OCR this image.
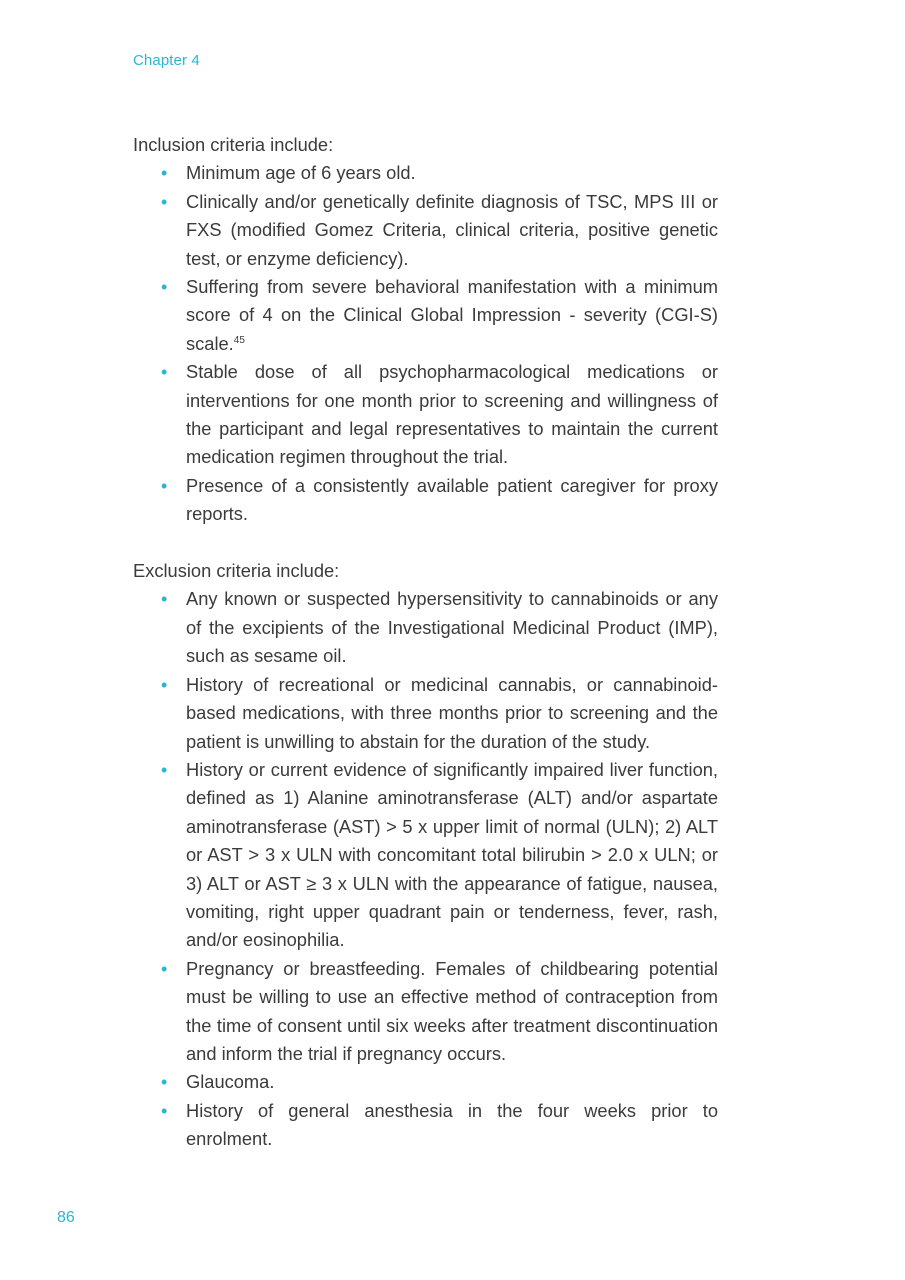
Chapter 4

Inclusion criteria include:

• Minimum age of 6 years old.
• Clinically and/or genetically definite diagnosis of TSC, MPS III or FXS (modified Gomez Criteria, clinical criteria, positive genetic test, or enzyme deficiency).
• Suffering from severe behavioral manifestation with a minimum score of 4 on the Clinical Global Impression - severity (CGI-S) scale.$^{45}$
• Stable dose of all psychopharmacological medications or interventions for one month prior to screening and willingness of the participant and legal representatives to maintain the current medication regimen throughout the trial.
• Presence of a consistently available patient caregiver for proxy reports.

Exclusion criteria include:

• Any known or suspected hypersensitivity to cannabinoids or any of the excipients of the Investigational Medicinal Product (IMP), such as sesame oil.
• History of recreational or medicinal cannabis, or cannabinoid-based medications, with three months prior to screening and the patient is unwilling to abstain for the duration of the study.
• History or current evidence of significantly impaired liver function, defined as 1) Alanine aminotransferase (ALT) and/or aspartate aminotransferase (AST) > 5 x upper limit of normal (ULN); 2) ALT or AST > 3 x ULN with concomitant total bilirubin > 2.0 x ULN; or 3) ALT or AST ≥ 3 x ULN with the appearance of fatigue, nausea, vomiting, right upper quadrant pain or tenderness, fever, rash, and/or eosinophilia.
• Pregnancy or breastfeeding. Females of childbearing potential must be willing to use an effective method of contraception from the time of consent until six weeks after treatment discontinuation and inform the trial if pregnancy occurs.
• Glaucoma.
• History of general anesthesia in the four weeks prior to enrolment.
86
